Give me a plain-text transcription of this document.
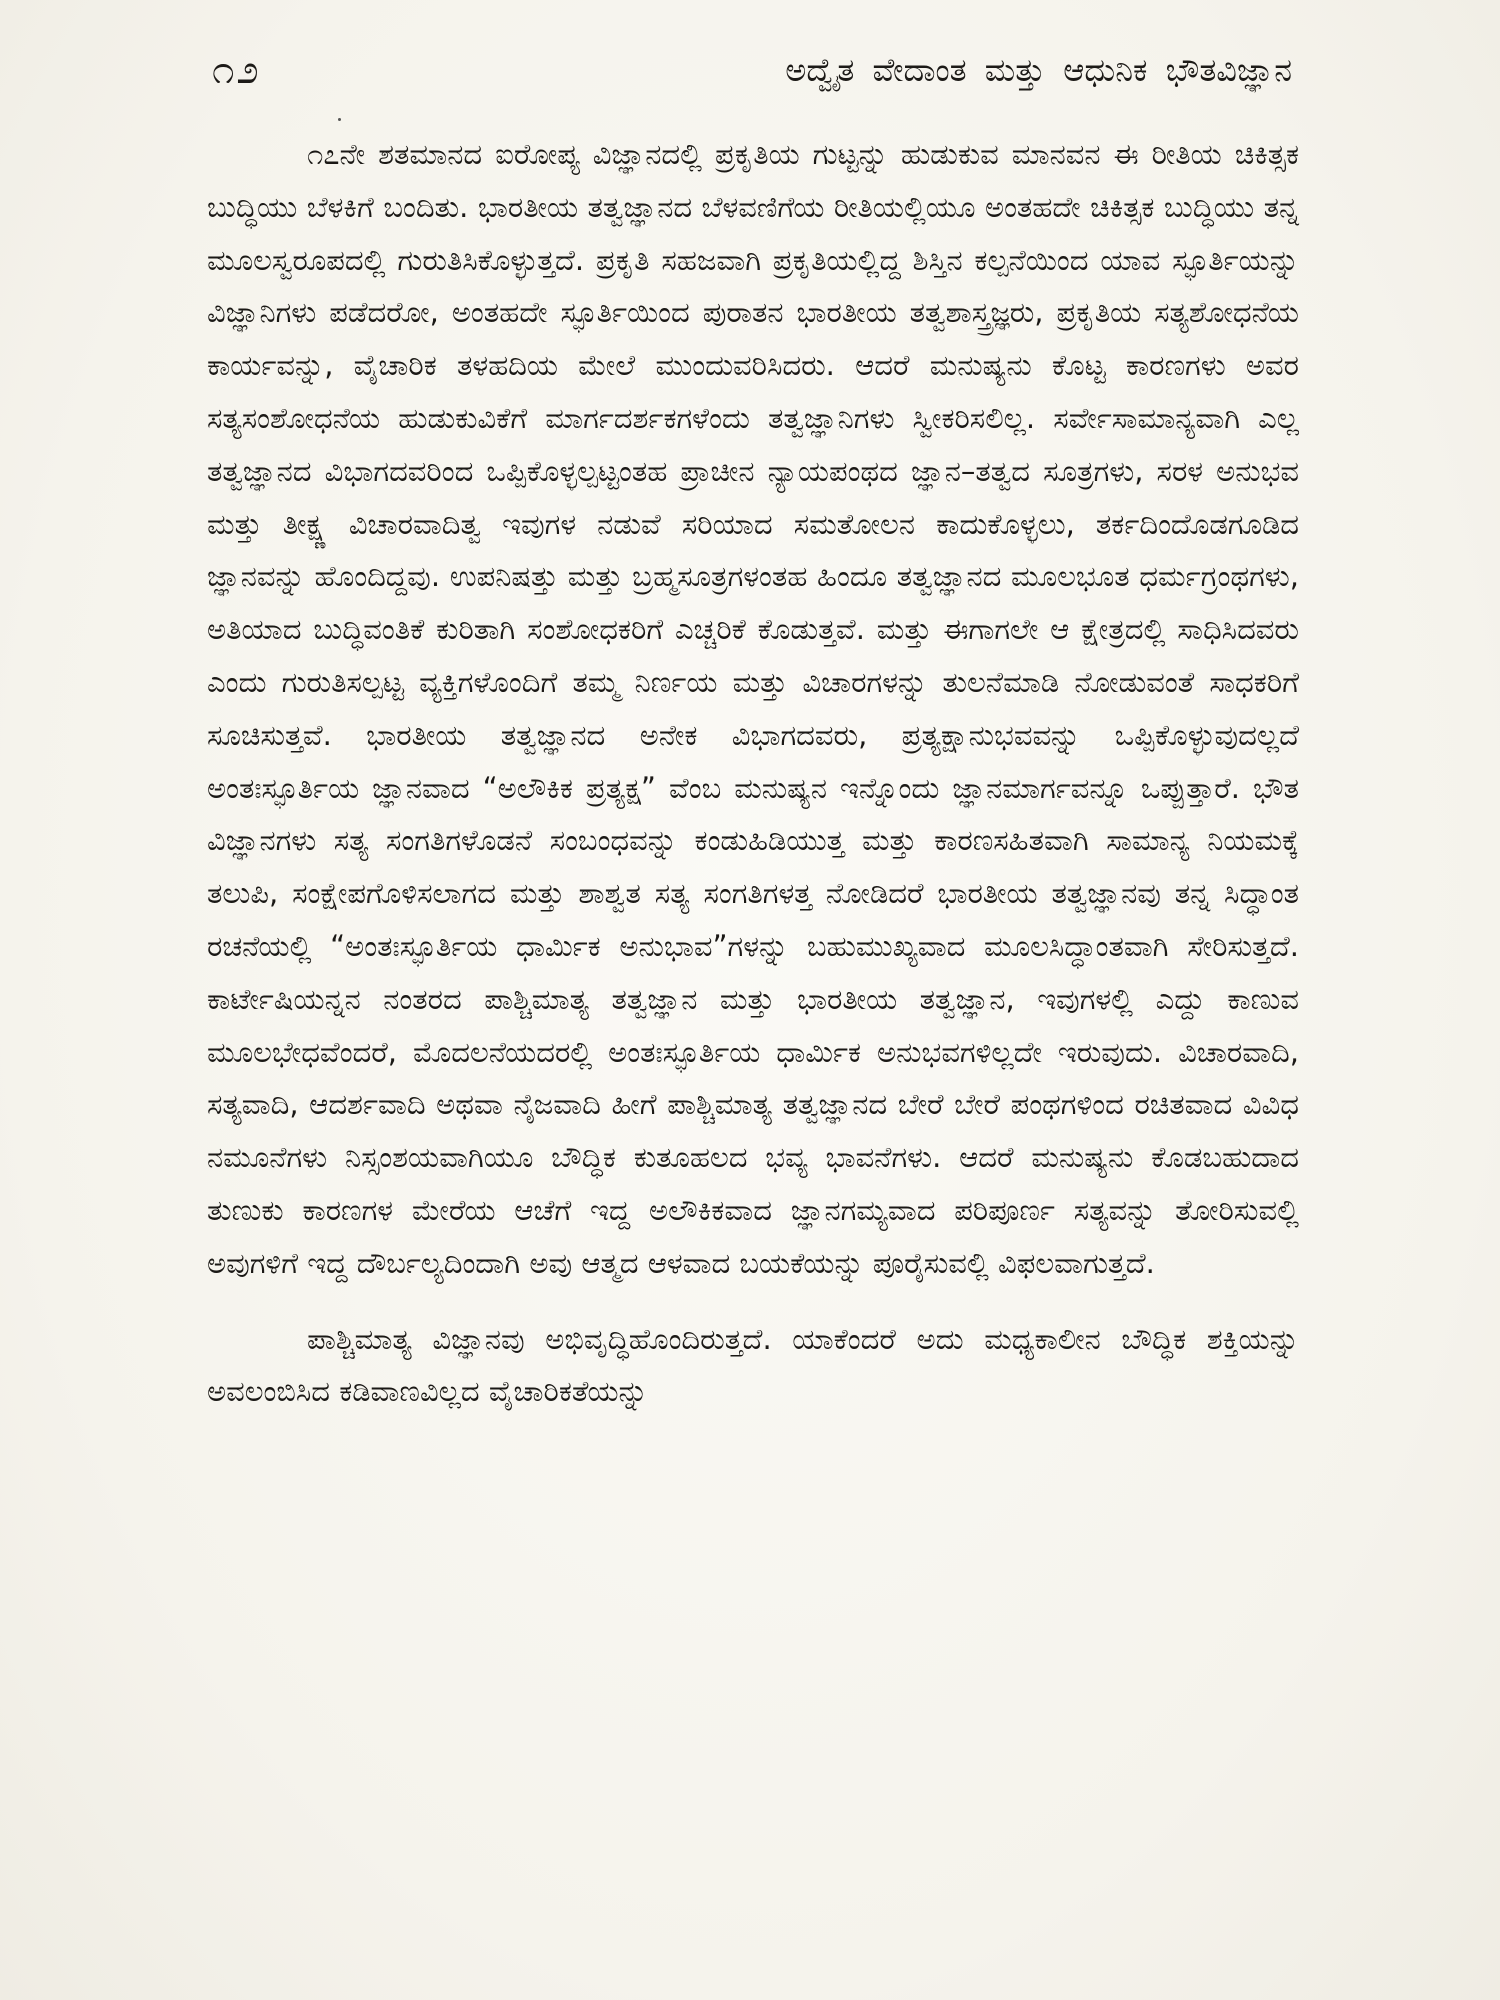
೧೨	ಅದ್ವೈತ ವೇದಾಂತ ಮತ್ತು ಆಧುನಿಕ ಭೌತವಿಜ್ಞಾನ

೧೭ನೇ ಶತಮಾನದ ಐರೋಪ್ಯ ವಿಜ್ಞಾನದಲ್ಲಿ ಪ್ರಕೃತಿಯ ಗುಟ್ಟನ್ನು ಹುಡುಕುವ ಮಾನವನ ಈ ರೀತಿಯ ಚಿಕಿತ್ಸಕ ಬುದ್ಧಿಯು ಬೆಳಕಿಗೆ ಬಂದಿತು. ಭಾರತೀಯ ತತ್ವಜ್ಞಾನದ ಬೆಳವಣಿಗೆಯ ರೀತಿಯಲ್ಲಿಯೂ ಅಂತಹದೇ ಚಿಕಿತ್ಸಕ ಬುದ್ಧಿಯು ತನ್ನ ಮೂಲಸ್ವರೂಪದಲ್ಲಿ ಗುರುತಿಸಿಕೊಳ್ಳುತ್ತದೆ. ಪ್ರಕೃತಿ ಸಹಜವಾಗಿ ಪ್ರಕೃತಿಯಲ್ಲಿದ್ದ ಶಿಸ್ತಿನ ಕಲ್ಪನೆಯಿಂದ ಯಾವ ಸ್ಫೂರ್ತಿಯನ್ನು ವಿಜ್ಞಾನಿಗಳು ಪಡೆದರೋ, ಅಂತಹದೇ ಸ್ಫೂರ್ತಿಯಿಂದ ಪುರಾತನ ಭಾರತೀಯ ತತ್ವಶಾಸ್ತ್ರಜ್ಞರು, ಪ್ರಕೃತಿಯ ಸತ್ಯಶೋಧನೆಯ ಕಾರ್ಯವನ್ನು, ವೈಚಾರಿಕ ತಳಹದಿಯ ಮೇಲೆ ಮುಂದುವರಿಸಿದರು. ಆದರೆ ಮನುಷ್ಯನು ಕೊಟ್ಟ ಕಾರಣಗಳು ಅವರ ಸತ್ಯಸಂಶೋಧನೆಯ ಹುಡುಕುವಿಕೆಗೆ ಮಾರ್ಗದರ್ಶಕಗಳೆಂದು ತತ್ವಜ್ಞಾನಿಗಳು ಸ್ವೀಕರಿಸಲಿಲ್ಲ. ಸರ್ವೇಸಾಮಾನ್ಯವಾಗಿ ಎಲ್ಲ ತತ್ವಜ್ಞಾನದ ವಿಭಾಗದವರಿಂದ ಒಪ್ಪಿಕೊಳ್ಳಲ್ಪಟ್ಟಂತಹ ಪ್ರಾಚೀನ ನ್ಯಾಯಪಂಥದ ಜ್ಞಾನ–ತತ್ವದ ಸೂತ್ರಗಳು, ಸರಳ ಅನುಭವ ಮತ್ತು ತೀಕ್ಷ್ಣ ವಿಚಾರವಾದಿತ್ವ ಇವುಗಳ ನಡುವೆ ಸರಿಯಾದ ಸಮತೋಲನ ಕಾದುಕೊಳ್ಳಲು, ತರ್ಕದಿಂದೊಡಗೂಡಿದ ಜ್ಞಾನವನ್ನು ಹೊಂದಿದ್ದವು. ಉಪನಿಷತ್ತು ಮತ್ತು ಬ್ರಹ್ಮಸೂತ್ರಗಳಂತಹ ಹಿಂದೂ ತತ್ವಜ್ಞಾನದ ಮೂಲಭೂತ ಧರ್ಮಗ್ರಂಥಗಳು, ಅತಿಯಾದ ಬುದ್ಧಿವಂತಿಕೆ ಕುರಿತಾಗಿ ಸಂಶೋಧಕರಿಗೆ ಎಚ್ಚರಿಕೆ ಕೊಡುತ್ತವೆ. ಮತ್ತು ಈಗಾಗಲೇ ಆ ಕ್ಷೇತ್ರದಲ್ಲಿ ಸಾಧಿಸಿದವರು ಎಂದು ಗುರುತಿಸಲ್ಪಟ್ಟ ವ್ಯಕ್ತಿಗಳೊಂದಿಗೆ ತಮ್ಮ ನಿರ್ಣಯ ಮತ್ತು ವಿಚಾರಗಳನ್ನು ತುಲನೆಮಾಡಿ ನೋಡುವಂತೆ ಸಾಧಕರಿಗೆ ಸೂಚಿಸುತ್ತವೆ. ಭಾರತೀಯ ತತ್ವಜ್ಞಾನದ ಅನೇಕ ವಿಭಾಗದವರು, ಪ್ರತ್ಯಕ್ಷಾನುಭವವನ್ನು ಒಪ್ಪಿಕೊಳ್ಳುವುದಲ್ಲದೆ ಅಂತಃಸ್ಫೂರ್ತಿಯ ಜ್ಞಾನವಾದ “ಅಲೌಕಿಕ ಪ್ರತ್ಯಕ್ಷ” ವೆಂಬ ಮನುಷ್ಯನ ಇನ್ನೊಂದು ಜ್ಞಾನಮಾರ್ಗವನ್ನೂ ಒಪ್ಪುತ್ತಾರೆ. ಭೌತ ವಿಜ್ಞಾನಗಳು ಸತ್ಯ ಸಂಗತಿಗಳೊಡನೆ ಸಂಬಂಧವನ್ನು ಕಂಡುಹಿಡಿಯುತ್ತ ಮತ್ತು ಕಾರಣಸಹಿತವಾಗಿ ಸಾಮಾನ್ಯ ನಿಯಮಕ್ಕೆ ತಲುಪಿ, ಸಂಕ್ಷೇಪಗೊಳಿಸಲಾಗದ ಮತ್ತು ಶಾಶ್ವತ ಸತ್ಯ ಸಂಗತಿಗಳತ್ತ ನೋಡಿದರೆ ಭಾರತೀಯ ತತ್ವಜ್ಞಾನವು ತನ್ನ ಸಿದ್ಧಾಂತ ರಚನೆಯಲ್ಲಿ “ಅಂತಃಸ್ಫೂರ್ತಿಯ ಧಾರ್ಮಿಕ ಅನುಭಾವ”ಗಳನ್ನು ಬಹುಮುಖ್ಯವಾದ ಮೂಲಸಿದ್ಧಾಂತವಾಗಿ ಸೇರಿಸುತ್ತದೆ. ಕಾರ್ಟೇಷಿಯನ್ನನ ನಂತರದ ಪಾಶ್ಚಿಮಾತ್ಯ ತತ್ವಜ್ಞಾನ ಮತ್ತು ಭಾರತೀಯ ತತ್ವಜ್ಞಾನ, ಇವುಗಳಲ್ಲಿ ಎದ್ದು ಕಾಣುವ ಮೂಲಭೇಧವೆಂದರೆ, ಮೊದಲನೆಯದರಲ್ಲಿ ಅಂತಃಸ್ಫೂರ್ತಿಯ ಧಾರ್ಮಿಕ ಅನುಭವಗಳಿಲ್ಲದೇ ಇರುವುದು. ವಿಚಾರವಾದಿ, ಸತ್ಯವಾದಿ, ಆದರ್ಶವಾದಿ ಅಥವಾ ನೈಜವಾದಿ ಹೀಗೆ ಪಾಶ್ಚಿಮಾತ್ಯ ತತ್ವಜ್ಞಾನದ ಬೇರೆ ಬೇರೆ ಪಂಥಗಳಿಂದ ರಚಿತವಾದ ವಿವಿಧ ನಮೂನೆಗಳು ನಿಸ್ಸಂಶಯವಾಗಿಯೂ ಬೌದ್ಧಿಕ ಕುತೂಹಲದ ಭವ್ಯ ಭಾವನೆಗಳು. ಆದರೆ ಮನುಷ್ಯನು ಕೊಡಬಹುದಾದ ತುಣುಕು ಕಾರಣಗಳ ಮೇರೆಯ ಆಚೆಗೆ ಇದ್ದ ಅಲೌಕಿಕವಾದ ಜ್ಞಾನಗಮ್ಯವಾದ ಪರಿಪೂರ್ಣ ಸತ್ಯವನ್ನು ತೋರಿಸುವಲ್ಲಿ ಅವುಗಳಿಗೆ ಇದ್ದ ದೌರ್ಬಲ್ಯದಿಂದಾಗಿ ಅವು ಆತ್ಮದ ಆಳವಾದ ಬಯಕೆಯನ್ನು ಪೂರೈಸುವಲ್ಲಿ ವಿಫಲವಾಗುತ್ತದೆ.

ಪಾಶ್ಚಿಮಾತ್ಯ ವಿಜ್ಞಾನವು ಅಭಿವೃದ್ಧಿಹೊಂದಿರುತ್ತದೆ. ಯಾಕೆಂದರೆ ಅದು ಮಧ್ಯಕಾಲೀನ ಬೌದ್ಧಿಕ ಶಕ್ತಿಯನ್ನು ಅವಲಂಬಿಸಿದ ಕಡಿವಾಣವಿಲ್ಲದ ವೈಚಾರಿಕತೆಯನ್ನು
